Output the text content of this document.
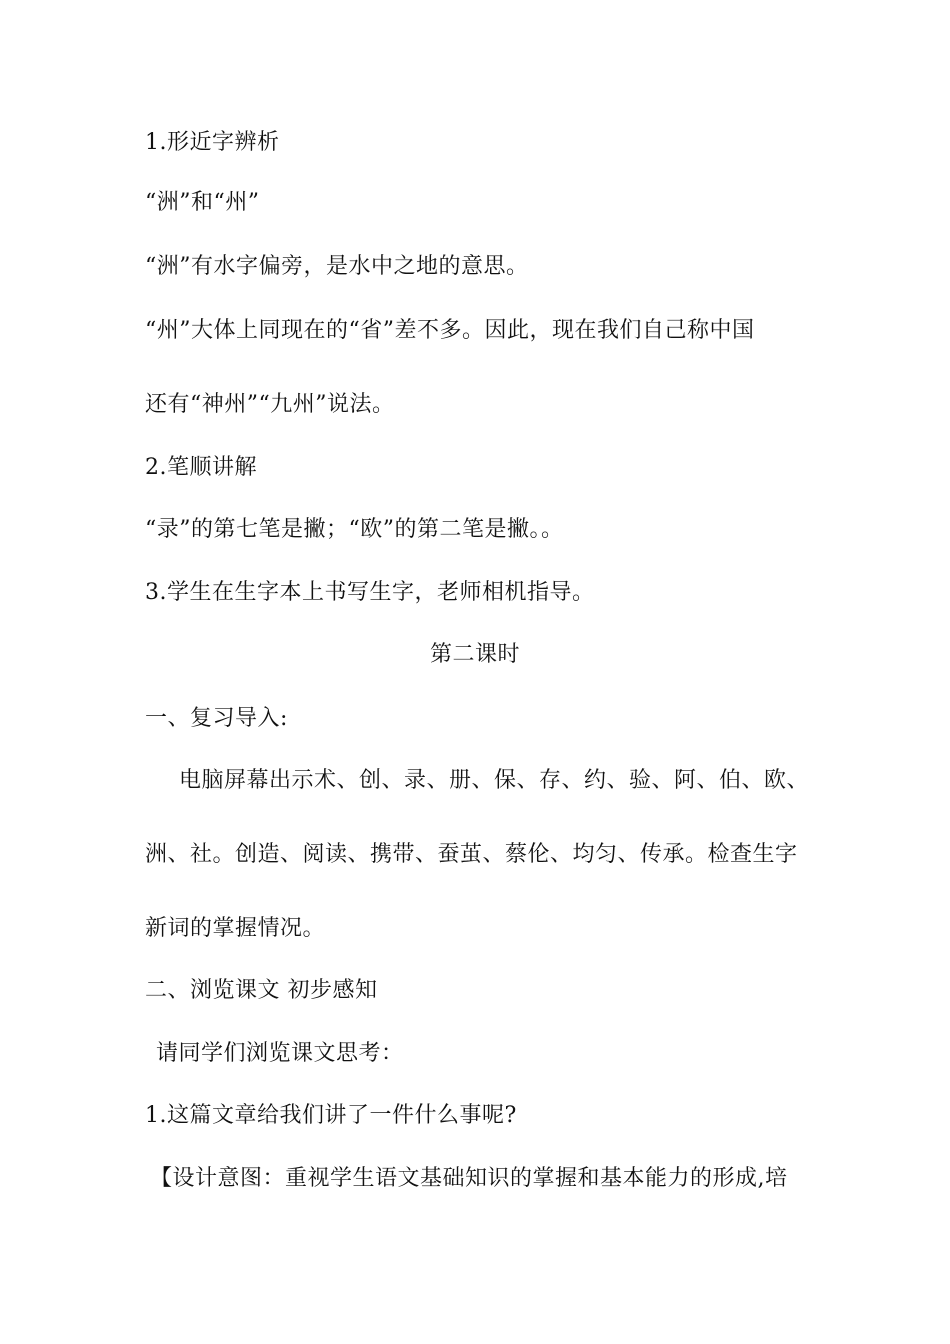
1.形近字辨析
“洲”和“州”
“洲”有水字偏旁，是水中之地的意思。
“州”大体上同现在的“省”差不多。因此，现在我们自己称中国
还有“神州”“九州”说法。
2.笔顺讲解
“录”的第七笔是撇；“欧”的第二笔是撇。。
3.学生在生字本上书写生字，老师相机指导。
第二课时
一、复习导入:
电脑屏幕出示术、创、录、册、保、存、约、验、阿、伯、欧、
洲、社。创造、阅读、携带、蚕茧、蔡伦、均匀、传承。检查生字
新词的掌握情况。
二、浏览课文 初步感知
请同学们浏览课文思考：
1.这篇文章给我们讲了一件什么事呢?
【设计意图：重视学生语文基础知识的掌握和基本能力的形成,培
